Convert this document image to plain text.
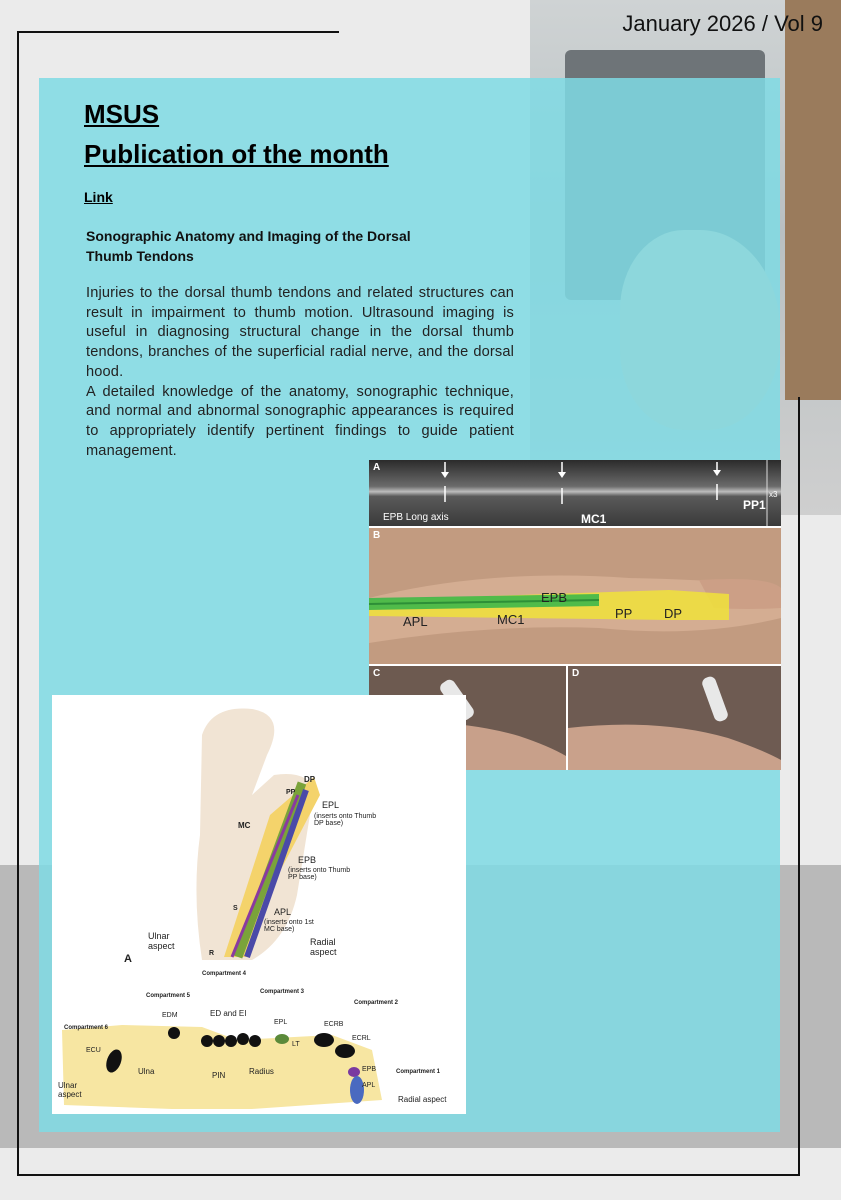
January 2026 / Vol 9
MSUS
Publication of the month
Link
Sonographic Anatomy and Imaging of the Dorsal Thumb Tendons

Injuries to the dorsal thumb tendons and related structures can result in impairment to thumb motion. Ultrasound imaging is useful in diagnosing structural change in the dorsal thumb tendons, branches of the superficial radial nerve, and the dorsal hood.

A detailed knowledge of the anatomy, sonographic technique, and normal and abnormal sonographic appearances is required to appropriately identify pertinent findings to guide patient management.

A
EPB Long axis	MC1
PP1
x3
B
EPB
APL	MC1	PP DP
C	D
DP
PP
MC
EPL
(inserts onto Thumb DP base)
EPB
(inserts onto Thumb PP base)
APL
(inserts onto 1st MC base)
R
S
Ulnar aspect	Radial aspect
A
Compartment 4
Compartment 3
Compartment 5
Compartment 2
Compartment 6
Compartment 1
ED and EI
EDM
ECU
ECRB
ECRL
EPL
LT
PIN
Ulna	Radius	EPB
APL
Ulnar aspect
Radial aspect
